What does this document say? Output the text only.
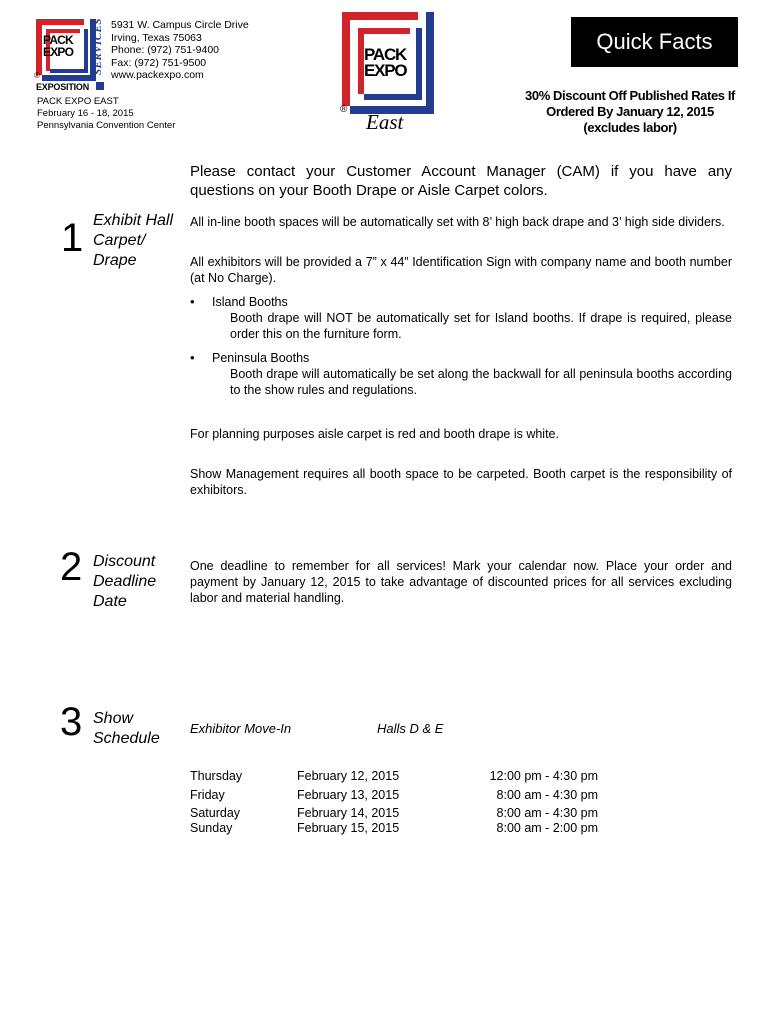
PACK
EXPO SERVICES
®
EXPOSITION
5931 W. Campus Circle Drive
Irving, Texas 75063
Phone: (972) 751-9400
Fax: (972) 751-9500
www.packexpo.com
PACK EXPO EAST
February 16 - 18, 2015
Pennsylvania Convention Center
PACK
EXPO
®
East
Quick Facts
30% Discount Off Published Rates If
Ordered By January 12, 2015
(excludes labor)
Please contact your Customer Account Manager (CAM) if you have any questions on your Booth Drape or Aisle Carpet colors.
1 Exhibit Hall
Carpet/
Drape
All in-line booth spaces will be automatically set with 8’ high back drape and 3’ high side dividers.
All exhibitors will be provided a 7” x 44” Identification Sign with company name and booth number (at No Charge).
• Island Booths
Booth drape will NOT be automatically set for Island booths. If drape is required, please order this on the furniture form.
• Peninsula Booths
Booth drape will automatically be set along the backwall for all peninsula booths according to the show rules and regulations.
For planning purposes aisle carpet is red and booth drape is white.
Show Management requires all booth space to be carpeted. Booth carpet is the responsibility of exhibitors.
2 Discount
Deadline
Date
One deadline to remember for all services! Mark your calendar now. Place your order and payment by January 12, 2015 to take advantage of discounted prices for all services excluding labor and material handling.
3 Show
Schedule
Exhibitor Move-In	Halls D & E
Thursday	February 12, 2015	12:00 pm - 4:30 pm
Friday	February 13, 2015	8:00 am - 4:30 pm
Saturday	February 14, 2015	8:00 am - 4:30 pm
Sunday	February 15, 2015	8:00 am - 2:00 pm
